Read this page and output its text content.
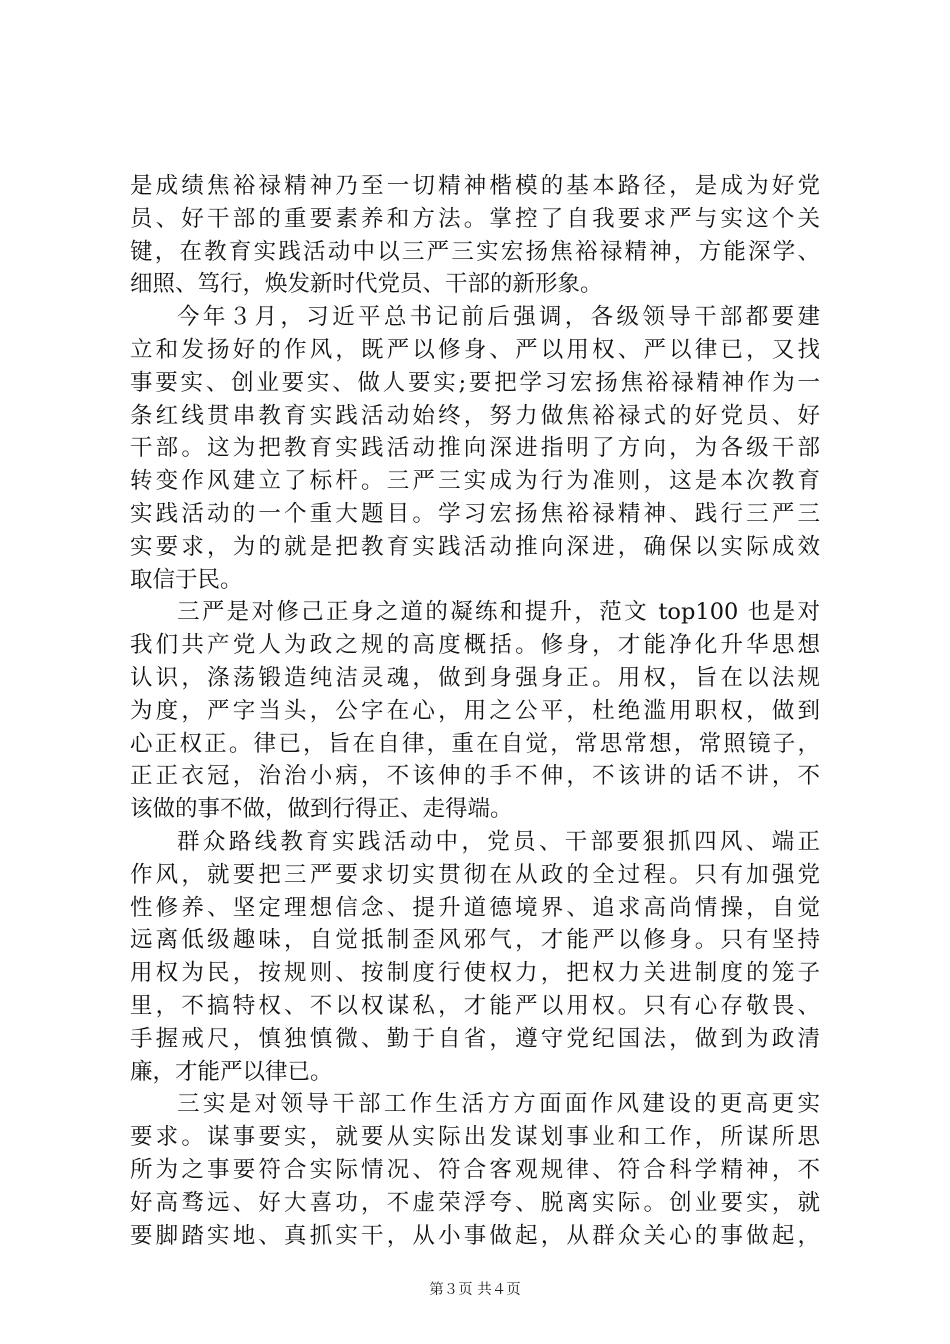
是成绩焦裕禄精神乃至一切精神楷模的基本路径，是成为好党
员、好干部的重要素养和方法。掌控了自我要求严与实这个关
键，在教育实践活动中以三严三实宏扬焦裕禄精神，方能深学、
细照、笃行，焕发新时代党员、干部的新形象。
今年３月，习近平总书记前后强调，各级领导干部都要建
立和发扬好的作风，既严以修身、严以用权、严以律已，又找
事要实、创业要实、做人要实;要把学习宏扬焦裕禄精神作为一
条红线贯串教育实践活动始终，努力做焦裕禄式的好党员、好
干部。这为把教育实践活动推向深进指明了方向，为各级干部
转变作风建立了标杆。三严三实成为行为准则，这是本次教育
实践活动的一个重大题目。学习宏扬焦裕禄精神、践行三严三
实要求，为的就是把教育实践活动推向深进，确保以实际成效
取信于民。
三严是对修己正身之道的凝练和提升，范文 top100 也是对
我们共产党人为政之规的高度概括。修身，才能净化升华思想
认识，涤荡锻造纯洁灵魂，做到身强身正。用权，旨在以法规
为度，严字当头，公字在心，用之公平，杜绝滥用职权，做到
心正权正。律已，旨在自律，重在自觉，常思常想，常照镜子，
正正衣冠，治治小病，不该伸的手不伸，不该讲的话不讲，不
该做的事不做，做到行得正、走得端。
群众路线教育实践活动中，党员、干部要狠抓四风、端正
作风，就要把三严要求切实贯彻在从政的全过程。只有加强党
性修养、坚定理想信念、提升道德境界、追求高尚情操，自觉
远离低级趣味，自觉抵制歪风邪气，才能严以修身。只有坚持
用权为民，按规则、按制度行使权力，把权力关进制度的笼子
里，不搞特权、不以权谋私，才能严以用权。只有心存敬畏、
手握戒尺，慎独慎微、勤于自省，遵守党纪国法，做到为政清
廉，才能严以律已。
三实是对领导干部工作生活方方面面作风建设的更高更实
要求。谋事要实，就要从实际出发谋划事业和工作，所谋所思
所为之事要符合实际情况、符合客观规律、符合科学精神，不
好高骛远、好大喜功，不虚荣浮夸、脱离实际。创业要实，就
要脚踏实地、真抓实干，从小事做起，从群众关心的事做起，
第３页 共４页
